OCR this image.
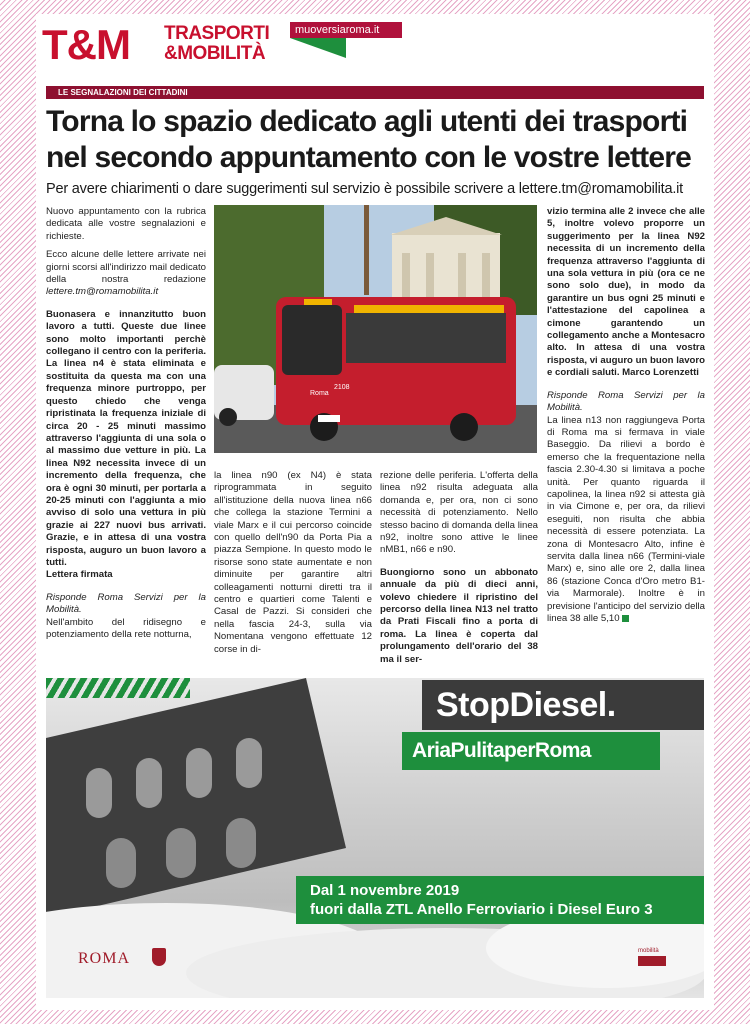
T&M TRASPORTI
&MOBILITÀ
muoversiaroma.it
LE SEGNALAZIONI DEI CITTADINI
Torna lo spazio dedicato agli utenti dei trasporti nel secondo appuntamento con le vostre lettere
Per avere chiarimenti o dare suggerimenti sul servizio è possibile scrivere a lettere.tm@romamobilita.it

Nuovo appuntamento con la rubrica dedicata alle vostre segnalazioni e richieste.

Ecco alcune delle lettere arrivate nei giorni scorsi all'indirizzo mail dedicato della nostra redazione lettere.tm@romamobilita.it

Buonasera e innanzitutto buon lavoro a tutti. Queste due linee sono molto importanti perchè collegano il centro con la periferia. La linea n4 è stata eliminata e sostituita da questa ma con una frequenza minore purtroppo, per questo chiedo che venga ripristinata la frequenza iniziale di circa 20 - 25 minuti massimo attraverso l'aggiunta di una sola o al massimo due vetture in più. La linea N92 necessita invece di un incremento della frequenza, che ora è ogni 30 minuti, per portarla a 20-25 minuti con l'aggiunta a mio avviso di solo una vettura in più grazie ai 227 nuovi bus arrivati. Grazie, e in attesa di una vostra risposta, auguro un buon lavoro a tutti.

Lettera firmata

Risponde Roma Servizi per la Mobilità.

Nell'ambito del ridisegno e potenziamento della rete notturna,

Roma
2108

la linea n90 (ex N4) è stata riprogrammata in seguito all'istituzione della nuova linea n66 che collega la stazione Termini a viale Marx e il cui percorso coincide con quello dell'n90 da Porta Pia a piazza Sempione. In questo modo le risorse sono state aumentate e non diminuite per garantire altri colleagamenti notturni diretti tra il centro e quartieri come Talenti e Casal de Pazzi. Si consideri che nella fascia 24-3, sulla via Nomentana vengono effettuate 12 corse in di-

rezione delle periferia. L'offerta della linea n92 risulta adeguata alla domanda e, per ora, non ci sono necessità di potenziamento. Nello stesso bacino di domanda della linea n92, inoltre sono attive le linee nMB1, n66 e n90.

Buongiorno sono un abbonato annuale da più di dieci anni, volevo chiedere il ripristino del percorso della linea N13 nel tratto da Prati Fiscali fino a porta di roma. La linea è coperta dal prolungamento dell'orario del 38 ma il ser-

vizio termina alle 2 invece che alle 5, inoltre volevo proporre un suggerimento per la linea N92 necessita di un incremento della frequenza attraverso l'aggiunta di una sola vettura in più (ora ce ne sono solo due), in modo da garantire un bus ogni 25 minuti e l'attestazione del capolinea a cimone garantendo un collegamento anche a Montesacro alto. In attesa di una vostra risposta, vi auguro un buon lavoro e cordiali saluti. Marco Lorenzetti

Risponde Roma Servizi per la Mobilità.

La linea n13 non raggiungeva Porta di Roma ma si fermava in viale Baseggio. Da rilievi a bordo è emerso che la frequentazione nella fascia 2.30-4.30 si limitava a poche unità. Per quanto riguarda il capolinea, la linea n92 si attesta già in via Cimone e, per ora, da rilievi eseguiti, non risulta che abbia necessità di essere potenziata. La zona di Montesacro Alto, infine è servita dalla linea n66 (Termini-viale Marx) e, sino alle ore 2, dalla linea 86 (stazione Conca d'Oro metro B1-via Marmorale). Inoltre è in previsione l'anticipo del servizio della linea 38 alle 5,10

StopDiesel.
AriaPulitaperRoma
Dal 1 novembre 2019
fuori dalla ZTL Anello Ferroviario i Diesel Euro 3
ROMA	mobilità
